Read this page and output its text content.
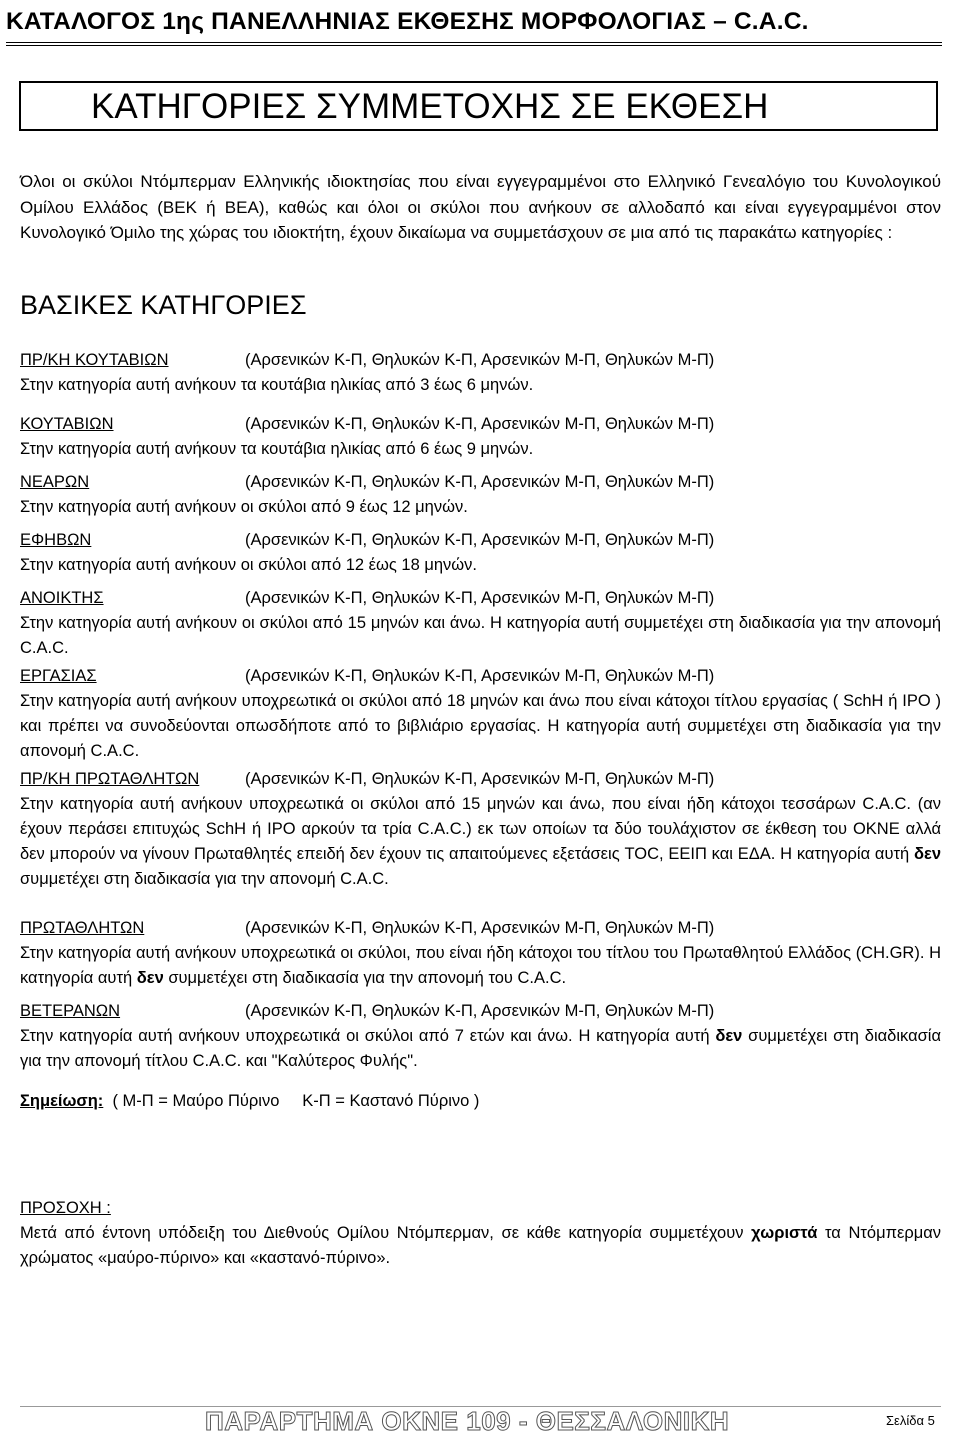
ΚΑΤΑΛΟΓΟΣ 1ης ΠΑΝΕΛΛΗΝΙΑΣ ΕΚΘΕΣΗΣ ΜΟΡΦΟΛΟΓΙΑΣ – C.A.C.
ΚΑΤΗΓΟΡΙΕΣ ΣΥΜΜΕΤΟΧΗΣ ΣΕ ΕΚΘΕΣΗ

Όλοι οι σκύλοι Ντόμπερμαν Ελληνικής ιδιοκτησίας που είναι εγγεγραμμένοι στο Ελληνικό Γενεαλόγιο του Κυνολογικού Ομίλου Ελλάδος (ΒΕΚ ή ΒΕΑ), καθώς και όλοι οι σκύλοι που ανήκουν σε αλλοδαπό και είναι εγγεγραμμένοι στον Κυνολογικό Όμιλο της χώρας του ιδιοκτήτη, έχουν δικαίωμα να συμμετάσχουν σε μια από τις παρακάτω κατηγορίες :

ΒΑΣΙΚΕΣ ΚΑΤΗΓΟΡΙΕΣ
ΠΡ/ΚΗ ΚΟΥΤΑΒΙΩΝ	(Αρσενικών Κ-Π, Θηλυκών Κ-Π, Αρσενικών Μ-Π, Θηλυκών Μ-Π)

Στην κατηγορία αυτή ανήκουν τα κουτάβια ηλικίας από 3 έως 6 μηνών.

ΚΟΥΤΑΒΙΩΝ	(Αρσενικών Κ-Π, Θηλυκών Κ-Π, Αρσενικών Μ-Π, Θηλυκών Μ-Π)

Στην κατηγορία αυτή ανήκουν τα κουτάβια ηλικίας από 6 έως 9 μηνών.

ΝΕΑΡΩΝ	(Αρσενικών Κ-Π, Θηλυκών Κ-Π, Αρσενικών Μ-Π, Θηλυκών Μ-Π)

Στην κατηγορία αυτή ανήκουν οι σκύλοι από 9 έως 12 μηνών.

ΕΦΗΒΩΝ	(Αρσενικών Κ-Π, Θηλυκών Κ-Π, Αρσενικών Μ-Π, Θηλυκών Μ-Π)

Στην κατηγορία αυτή ανήκουν οι σκύλοι από 12 έως 18 μηνών.

ΑΝΟΙΚΤΗΣ	(Αρσενικών Κ-Π, Θηλυκών Κ-Π, Αρσενικών Μ-Π, Θηλυκών Μ-Π)

Στην κατηγορία αυτή ανήκουν οι σκύλοι από 15 μηνών και άνω. Η κατηγορία αυτή συμμετέχει στη διαδικασία για την απονομή C.A.C.

ΕΡΓΑΣΙΑΣ	(Αρσενικών Κ-Π, Θηλυκών Κ-Π, Αρσενικών Μ-Π, Θηλυκών Μ-Π)

Στην κατηγορία αυτή ανήκουν υποχρεωτικά οι σκύλοι από 18 μηνών και άνω που είναι κάτοχοι τίτλου εργασίας ( SchH ή IPO ) και πρέπει να συνοδεύονται οπωσδήποτε από το βιβλιάριο εργασίας. Η κατηγορία αυτή συμμετέχει στη διαδικασία για την απονομή C.A.C.

ΠΡ/ΚΗ ΠΡΩΤΑΘΛΗΤΩΝ	(Αρσενικών Κ-Π, Θηλυκών Κ-Π, Αρσενικών Μ-Π, Θηλυκών Μ-Π)

Στην κατηγορία αυτή ανήκουν υποχρεωτικά οι σκύλοι από 15 μηνών και άνω, που είναι ήδη κάτοχοι τεσσάρων C.A.C. (αν έχουν περάσει επιτυχώς SchH ή IPO αρκούν τα τρία C.A.C.) εκ των οποίων τα δύο τουλάχιστον σε έκθεση του ΟΚΝΕ αλλά δεν μπορούν να γίνουν Πρωταθλητές επειδή δεν έχουν τις απαιτούμενες εξετάσεις TOC, ΕΕΙΠ και ΕΔΑ. Η κατηγορία αυτή δεν συμμετέχει στη διαδικασία για την απονομή C.A.C.

ΠΡΩΤΑΘΛΗΤΩΝ	(Αρσενικών Κ-Π, Θηλυκών Κ-Π, Αρσενικών Μ-Π, Θηλυκών Μ-Π)

Στην κατηγορία αυτή ανήκουν υποχρεωτικά οι σκύλοι, που είναι ήδη κάτοχοι του τίτλου του Πρωταθλητού Ελλάδος (CH.GR). Η κατηγορία αυτή δεν συμμετέχει στη διαδικασία για την απονομή του C.A.C.

ΒΕΤΕΡΑΝΩΝ	(Αρσενικών Κ-Π, Θηλυκών Κ-Π, Αρσενικών Μ-Π, Θηλυκών Μ-Π)

Στην κατηγορία αυτή ανήκουν υποχρεωτικά οι σκύλοι από 7 ετών και άνω. Η κατηγορία αυτή δεν συμμετέχει στη διαδικασία για την απονομή τίτλου C.A.C. και "Καλύτερος Φυλής".

Σημείωση:  ( Μ-Π = Μαύρο Πύρινο     Κ-Π = Καστανό Πύρινο )
ΠΡΟΣΟΧΗ :

Μετά από έντονη υπόδειξη του Διεθνούς Ομίλου Ντόμπερμαν, σε κάθε κατηγορία συμμετέχουν χωριστά τα Ντόμπερμαν χρώματος «μαύρο-πύρινο» και «καστανό-πύρινο».

ΠΑΡΑΡΤΗΜΑ ΟΚΝΕ 109 - ΘΕΣΣΑΛΟΝΙΚΗ	Σελίδα 5
